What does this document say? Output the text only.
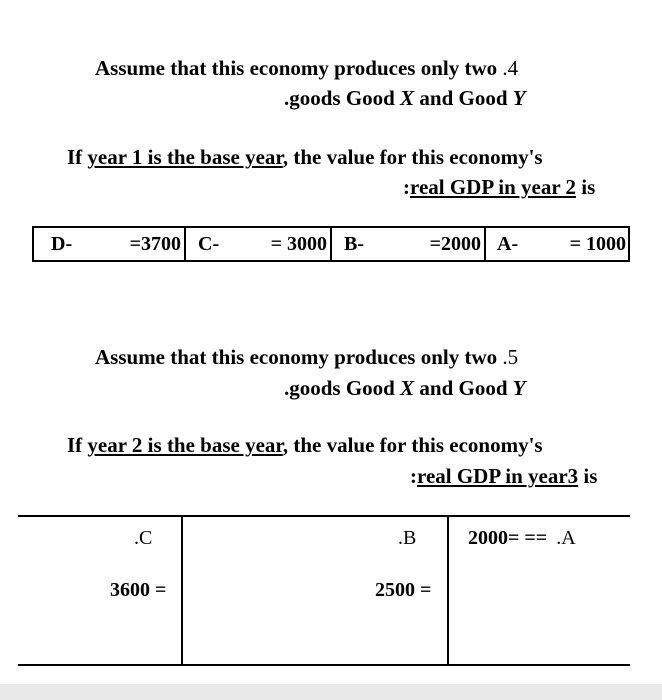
Assume that this economy produces only two .4
.goods Good X and Good Y
If year 1 is the base year, the value for this economy's
:real GDP in year 2 is
D-	=3700 C-	= 3000 B-	=2000 A-	= 1000
Assume that this economy produces only two .5
.goods Good X and Good Y
If year 2 is the base year, the value for this economy's
:real GDP in year3 is
.C
3600 =
.B
2500 =
2000= == .A
